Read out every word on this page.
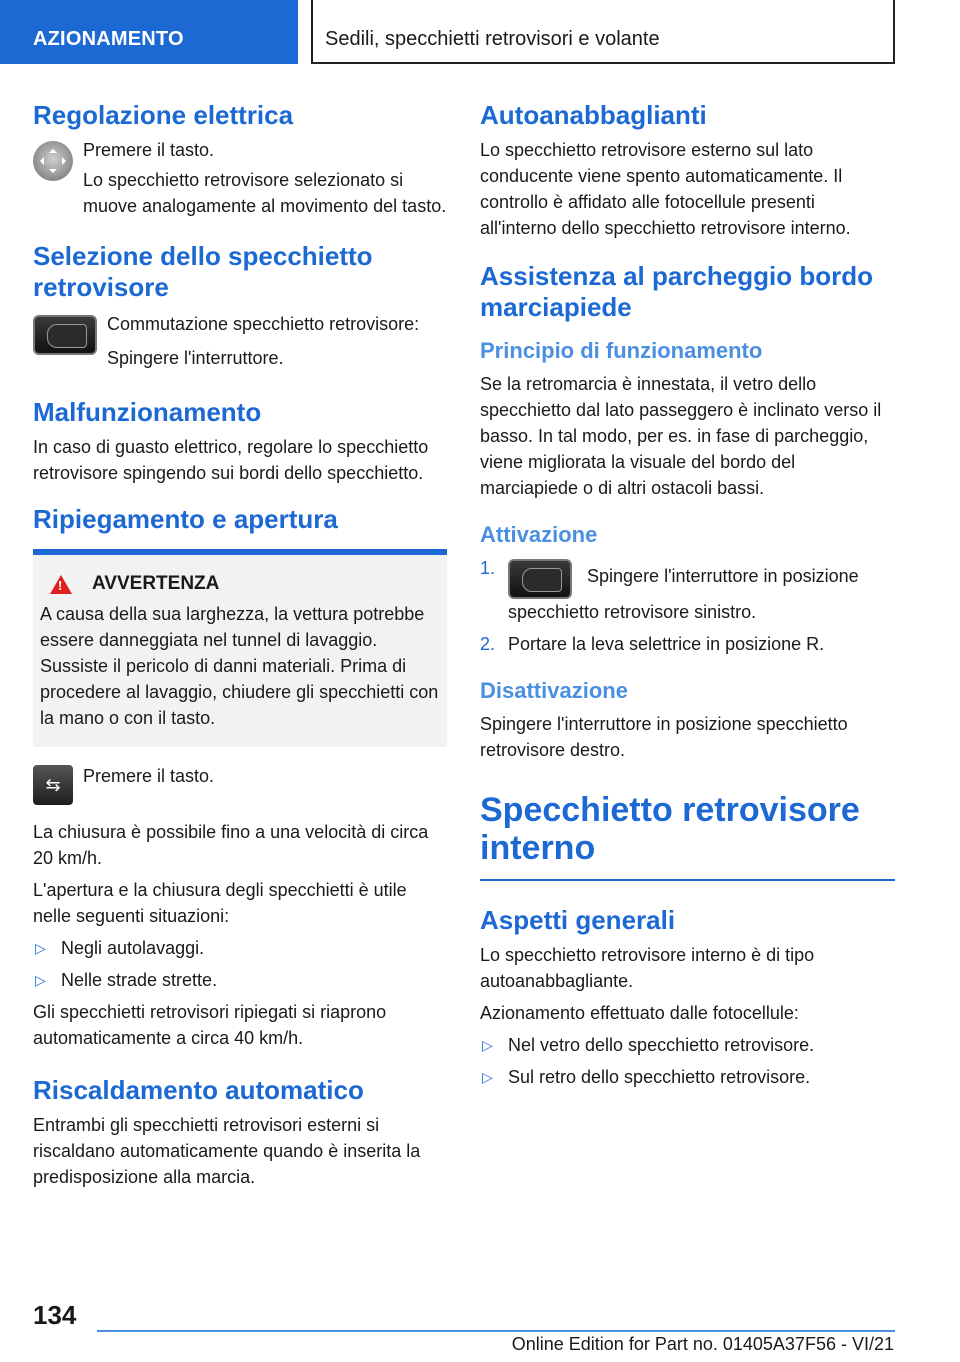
AZIONAMENTO	Sedili, specchietti retrovisori e volante
Regolazione elettrica

Premere il tasto.

Lo specchietto retrovisore selezionato si muove analogamente al movimento del tasto.

Selezione dello specchietto retrovisore

Commutazione specchietto retrovisore:

Spingere l'interruttore.

Malfunzionamento

In caso di guasto elettrico, regolare lo specchietto retrovisore spingendo sui bordi dello specchietto.

Ripiegamento e apertura
!
AVVERTENZA

A causa della sua larghezza, la vettura potrebbe essere danneggiata nel tunnel di lavaggio. Sussiste il pericolo di danni materiali. Prima di procedere al lavaggio, chiudere gli specchietti con la mano o con il tasto.

⇆	Premere il tasto.

La chiusura è possibile fino a una velocità di circa 20 km/h.

L'apertura e la chiusura degli specchietti è utile nelle seguenti situazioni:

▷ Negli autolavaggi.
▷ Nelle strade strette.

Gli specchietti retrovisori ripiegati si riaprono automaticamente a circa 40 km/h.

Riscaldamento automatico

Entrambi gli specchietti retrovisori esterni si riscaldano automaticamente quando è inserita la predisposizione alla marcia.

Autoanabbaglianti

Lo specchietto retrovisore esterno sul lato conducente viene spento automaticamente. Il controllo è affidato alle fotocellule presenti all'interno dello specchietto retrovisore interno.

Assistenza al parcheggio bordo marciapiede
Principio di funzionamento

Se la retromarcia è innestata, il vetro dello specchietto dal lato passeggero è inclinato verso il basso. In tal modo, per es. in fase di parcheggio, viene migliorata la visuale del bordo del marciapiede o di altri ostacoli bassi.

Attivazione
1.	Spingere l'interruttore in posizione specchietto retrovisore sinistro.
2. Portare la leva selettrice in posizione R.
Disattivazione

Spingere l'interruttore in posizione specchietto retrovisore destro.

Specchietto retrovisore interno
Aspetti generali

Lo specchietto retrovisore interno è di tipo autoanabbagliante.

Azionamento effettuato dalle fotocellule:

▷ Nel vetro dello specchietto retrovisore.
▷ Sul retro dello specchietto retrovisore.
134
Online Edition for Part no. 01405A37F56 - VI/21
